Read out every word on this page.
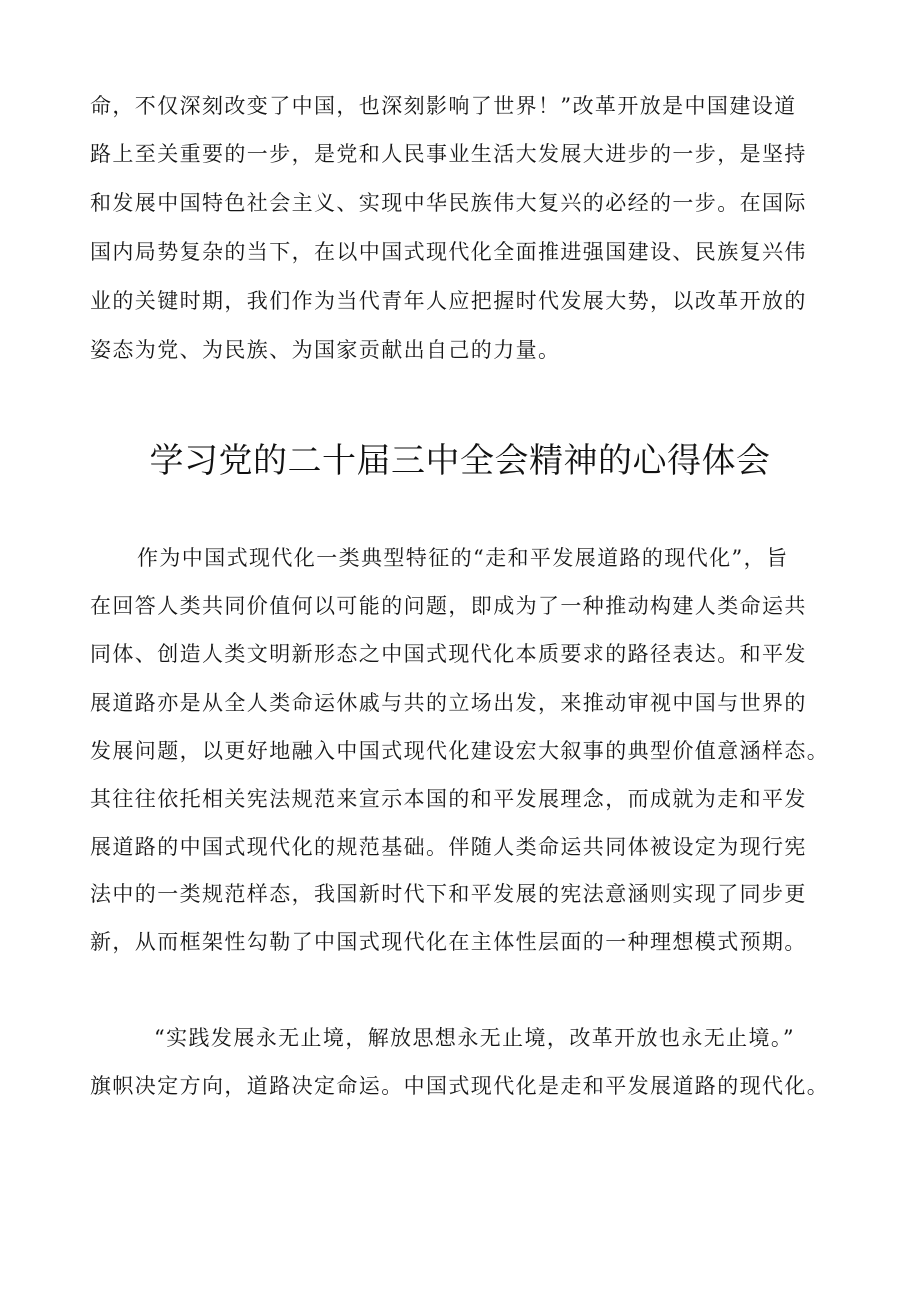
命，不仅深刻改变了中国，也深刻影响了世界！”改革开放是中国建设道

路上至关重要的一步，是党和人民事业生活大发展大进步的一步，是坚持

和发展中国特色社会主义、实现中华民族伟大复兴的必经的一步。在国际

国内局势复杂的当下，在以中国式现代化全面推进强国建设、民族复兴伟

业的关键时期，我们作为当代青年人应把握时代发展大势，以改革开放的

姿态为党、为民族、为国家贡献出自己的力量。

学习党的二十届三中全会精神的心得体会

作为中国式现代化一类典型特征的“走和平发展道路的现代化”，旨

在回答人类共同价值何以可能的问题，即成为了一种推动构建人类命运共

同体、创造人类文明新形态之中国式现代化本质要求的路径表达。和平发

展道路亦是从全人类命运休戚与共的立场出发，来推动审视中国与世界的

发展问题，以更好地融入中国式现代化建设宏大叙事的典型价值意涵样态。

其往往依托相关宪法规范来宣示本国的和平发展理念，而成就为走和平发

展道路的中国式现代化的规范基础。伴随人类命运共同体被设定为现行宪

法中的一类规范样态，我国新时代下和平发展的宪法意涵则实现了同步更

新，从而框架性勾勒了中国式现代化在主体性层面的一种理想模式预期。

“实践发展永无止境，解放思想永无止境，改革开放也永无止境。”

旗帜决定方向，道路决定命运。中国式现代化是走和平发展道路的现代化。
